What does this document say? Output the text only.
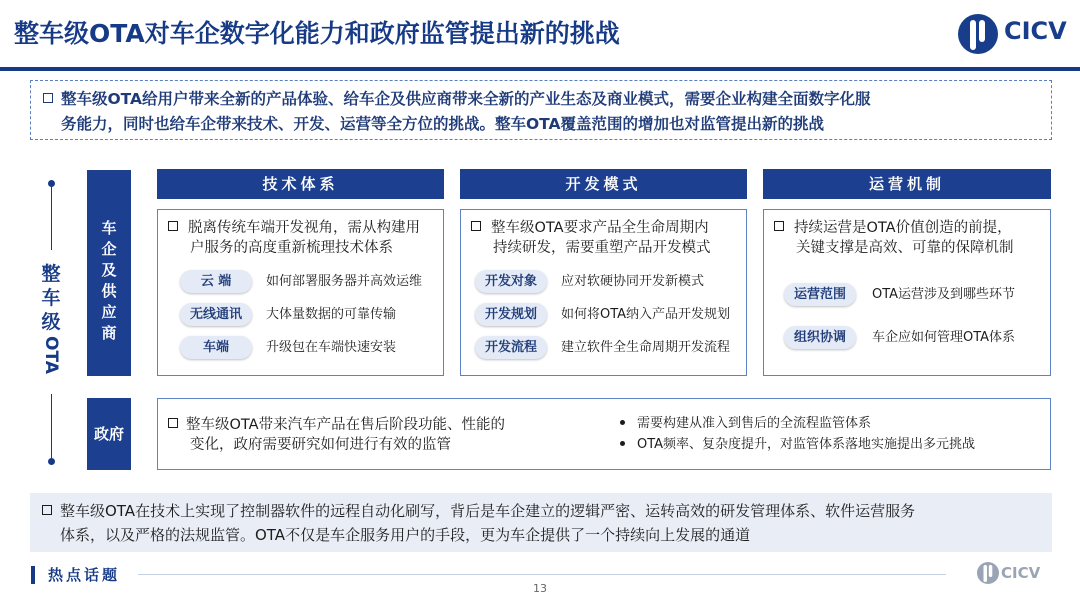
整车级OTA对车企数字化能力和政府监管提出新的挑战	CICV
整车级OTA给用户带来全新的产品体验、给车企及供应商带来全新的产业生态及商业模式，需要企业构建全面数字化服
务能力，同时也给车企带来技术、开发、运营等全方位的挑战。整车OTA覆盖范围的增加也对监管提出新的挑战
整
车
级
OTA
车
企
及
供
应
商
政府
技术体系
脱离传统车端开发视角，需从构建用
户服务的高度重新梳理技术体系
云 端	如何部署服务器并高效运维
无线通讯	大体量数据的可靠传输
车端	升级包在车端快速安装
开发模式
整车级OTA要求产品全生命周期内
持续研发，需要重塑产品开发模式
开发对象	应对软硬协同开发新模式
开发规划	如何将OTA纳入产品开发规划
开发流程	建立软件全生命周期开发流程
运营机制
持续运营是OTA价值创造的前提，
关键支撑是高效、可靠的保障机制
运营范围	OTA运营涉及到哪些环节
组织协调	车企应如何管理OTA体系
整车级OTA带来汽车产品在售后阶段功能、性能的
变化，政府需要研究如何进行有效的监管
需要构建从准入到售后的全流程监管体系
OTA频率、复杂度提升，对监管体系落地实施提出多元挑战
整车级OTA在技术上实现了控制器软件的远程自动化刷写，背后是车企建立的逻辑严密、运转高效的研发管理体系、软件运营服务
体系，以及严格的法规监管。OTA不仅是车企服务用户的手段，更为车企提供了一个持续向上发展的通道
热点话题
13
CICV
